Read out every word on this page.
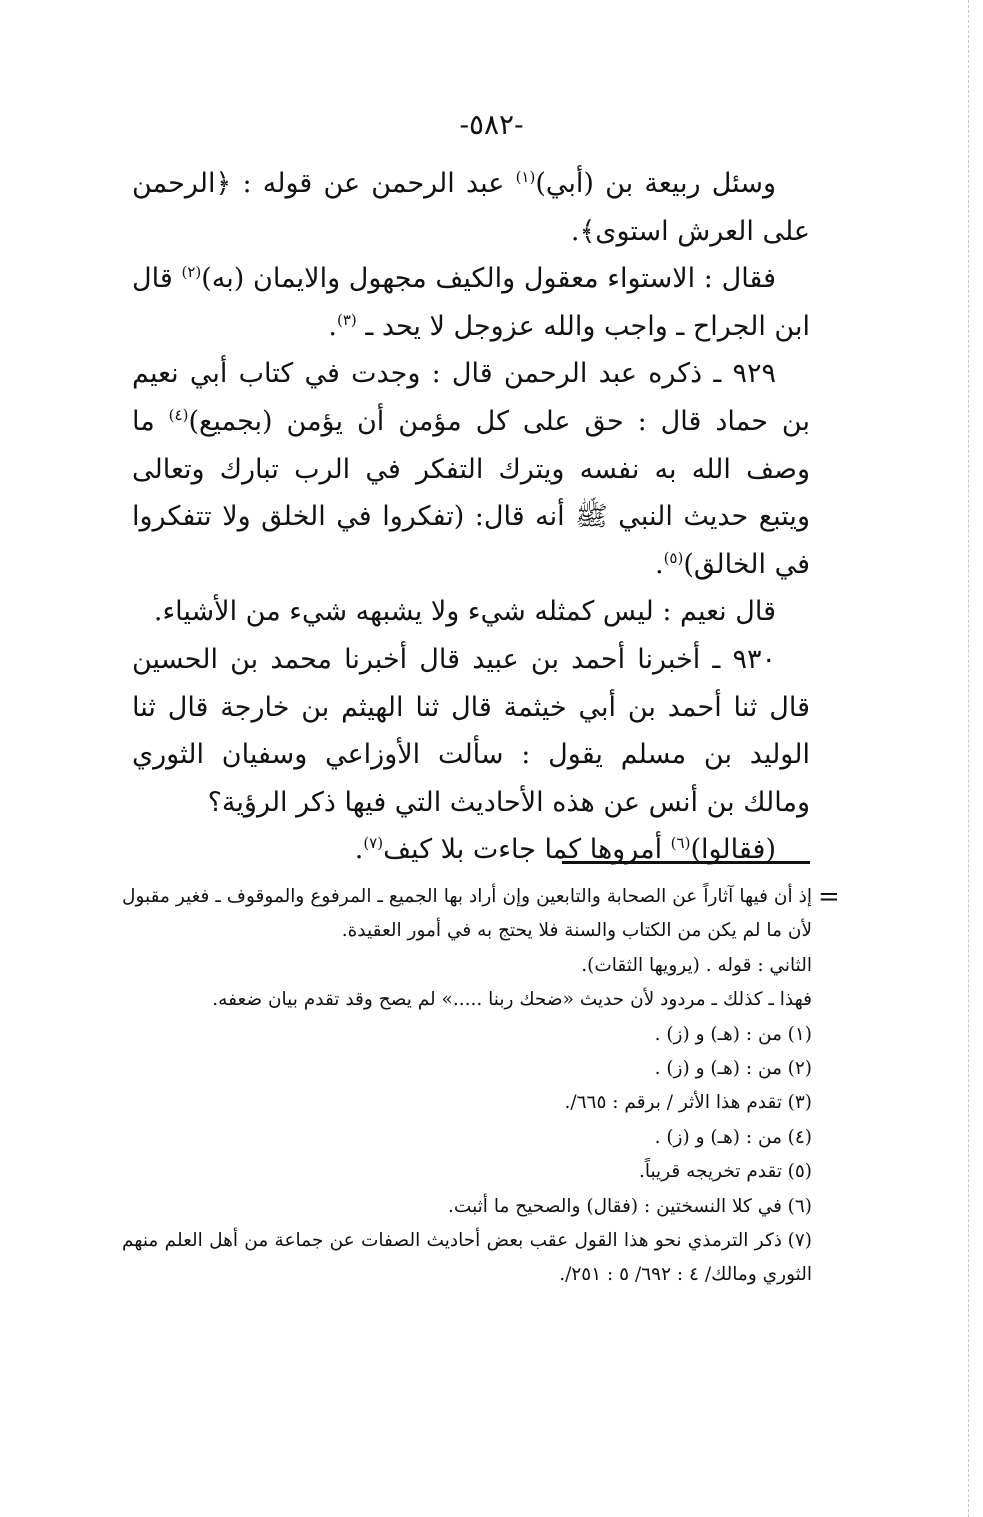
-٥٨٢-

وسئل ربيعة بن (أبي)$^{(١)}$ عبد الرحمن عن قوله : ﴿الرحمن على العرش استوى﴾.

فقال : الاستواء معقول والكيف مجهول والايمان (به)$^{(٢)}$ قال ابن الجراح ـ واجب والله عزوجل لا يحد ـ $^{(٣)}$.

٩٢٩ ـ ذكره عبد الرحمن قال : وجدت في كتاب أبي نعيم بن حماد قال : حق على كل مؤمن أن يؤمن (بجميع)$^{(٤)}$ ما وصف الله به نفسه ويترك التفكر في الرب تبارك وتعالى ويتبع حديث النبي ﷺ أنه قال: (تفكروا في الخلق ولا تتفكروا في الخالق)$^{(٥)}$.

قال نعيم : ليس كمثله شيء ولا يشبهه شيء من الأشياء.

٩٣٠ ـ أخبرنا أحمد بن عبيد قال أخبرنا محمد بن الحسين قال ثنا أحمد بن أبي خيثمة قال ثنا الهيثم بن خارجة قال ثنا الوليد بن مسلم يقول : سألت الأوزاعي وسفيان الثوري ومالك بن أنس عن هذه الأحاديث التي فيها ذكر الرؤية؟

(فقالوا)$^{(٦)}$ أمروها كما جاءت بلا كيف$^{(٧)}$.

=

إذ أن فيها آثاراً عن الصحابة والتابعين وإن أراد بها الجميع ـ المرفوع والموقوف ـ فغير مقبول لأن ما لم يكن من الكتاب والسنة فلا يحتج به في أمور العقيدة.

الثاني : قوله . (يرويها الثقات).

فهذا ـ كذلك ـ مردود لأن حديث «ضحك ربنا .....» لم يصح وقد تقدم بيان ضعفه.

(١)من : (هـ) و (ز) .

(٢)من : (هـ) و (ز) .

(٣)تقدم هذا الأثر / برقم : ٦٦٥/.

(٤)من : (هـ) و (ز) .

(٥)تقدم تخريجه قريباً.

(٦)في كلا النسختين : (فقال) والصحيح ما أثبت.

(٧)ذكر الترمذي نحو هذا القول عقب بعض أحاديث الصفات عن جماعة من أهل العلم منهم الثوري ومالك/ ٤ : ٦٩٢/ ٥ : ٢٥١/.
